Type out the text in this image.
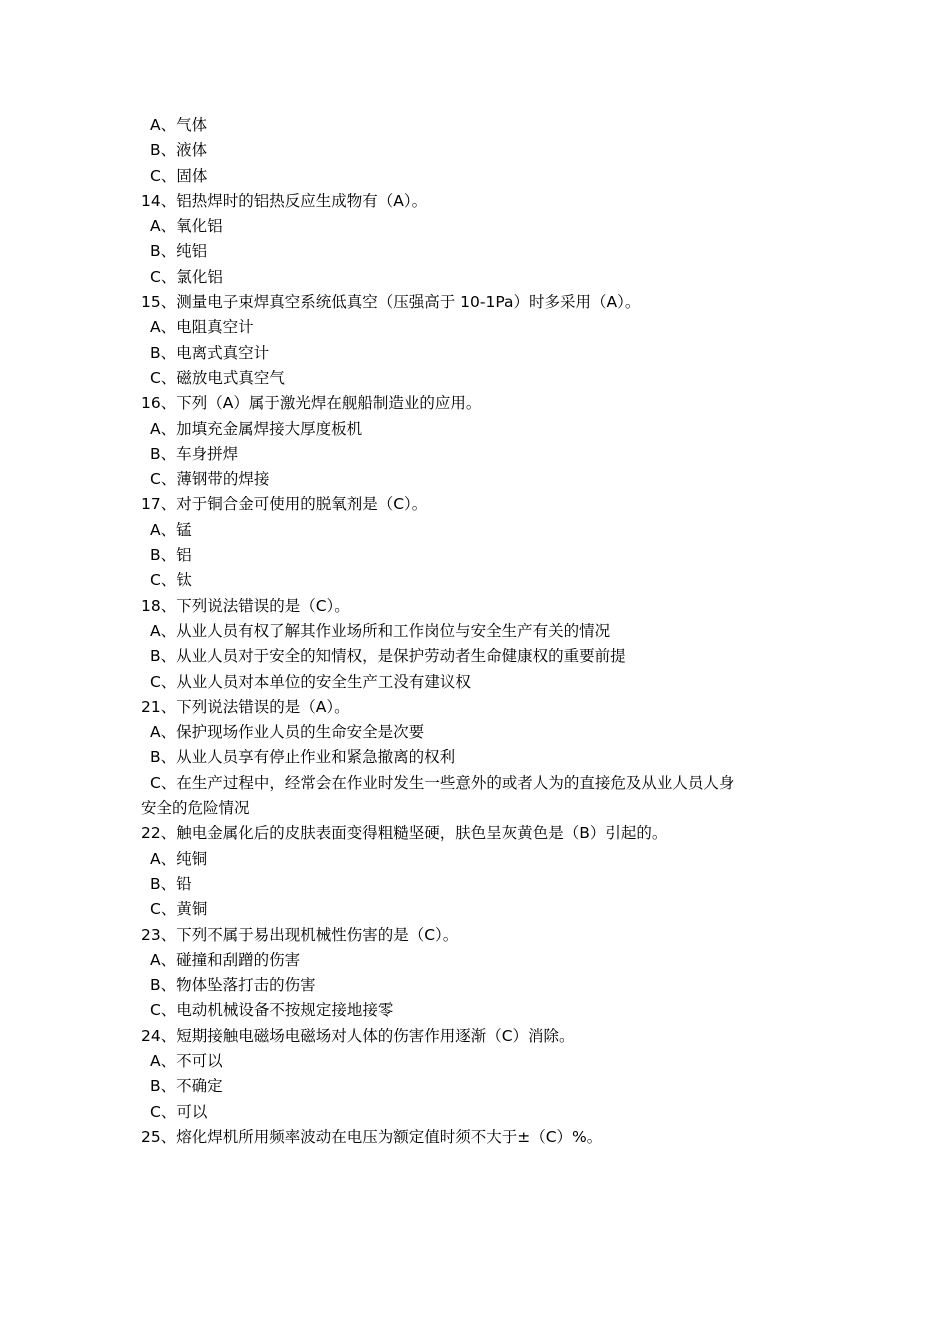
A、气体
B、液体
C、固体
14、铝热焊时的铝热反应生成物有（A）。
A、氧化铝
B、纯铝
C、氯化铝
15、测量电子束焊真空系统低真空（压强高于 10-1Pa）时多采用（A）。
A、电阻真空计
B、电离式真空计
C、磁放电式真空气
16、下列（A）属于激光焊在舰船制造业的应用。
A、加填充金属焊接大厚度板机
B、车身拼焊
C、薄钢带的焊接
17、对于铜合金可使用的脱氧剂是（C）。
A、锰
B、铝
C、钛
18、下列说法错误的是（C）。
A、从业人员有权了解其作业场所和工作岗位与安全生产有关的情况
B、从业人员对于安全的知情权，是保护劳动者生命健康权的重要前提
C、从业人员对本单位的安全生产工没有建议权
21、下列说法错误的是（A）。
A、保护现场作业人员的生命安全是次要
B、从业人员享有停止作业和紧急撤离的权利
C、在生产过程中，经常会在作业时发生一些意外的或者人为的直接危及从业人员人身
安全的危险情况
22、触电金属化后的皮肤表面变得粗糙坚硬，肤色呈灰黄色是（B）引起的。
A、纯铜
B、铅
C、黄铜
23、下列不属于易出现机械性伤害的是（C）。
A、碰撞和刮蹭的伤害
B、物体坠落打击的伤害
C、电动机械设备不按规定接地接零
24、短期接触电磁场电磁场对人体的伤害作用逐渐（C）消除。
A、不可以
B、不确定
C、可以
25、熔化焊机所用频率波动在电压为额定值时须不大于±（C）%。
